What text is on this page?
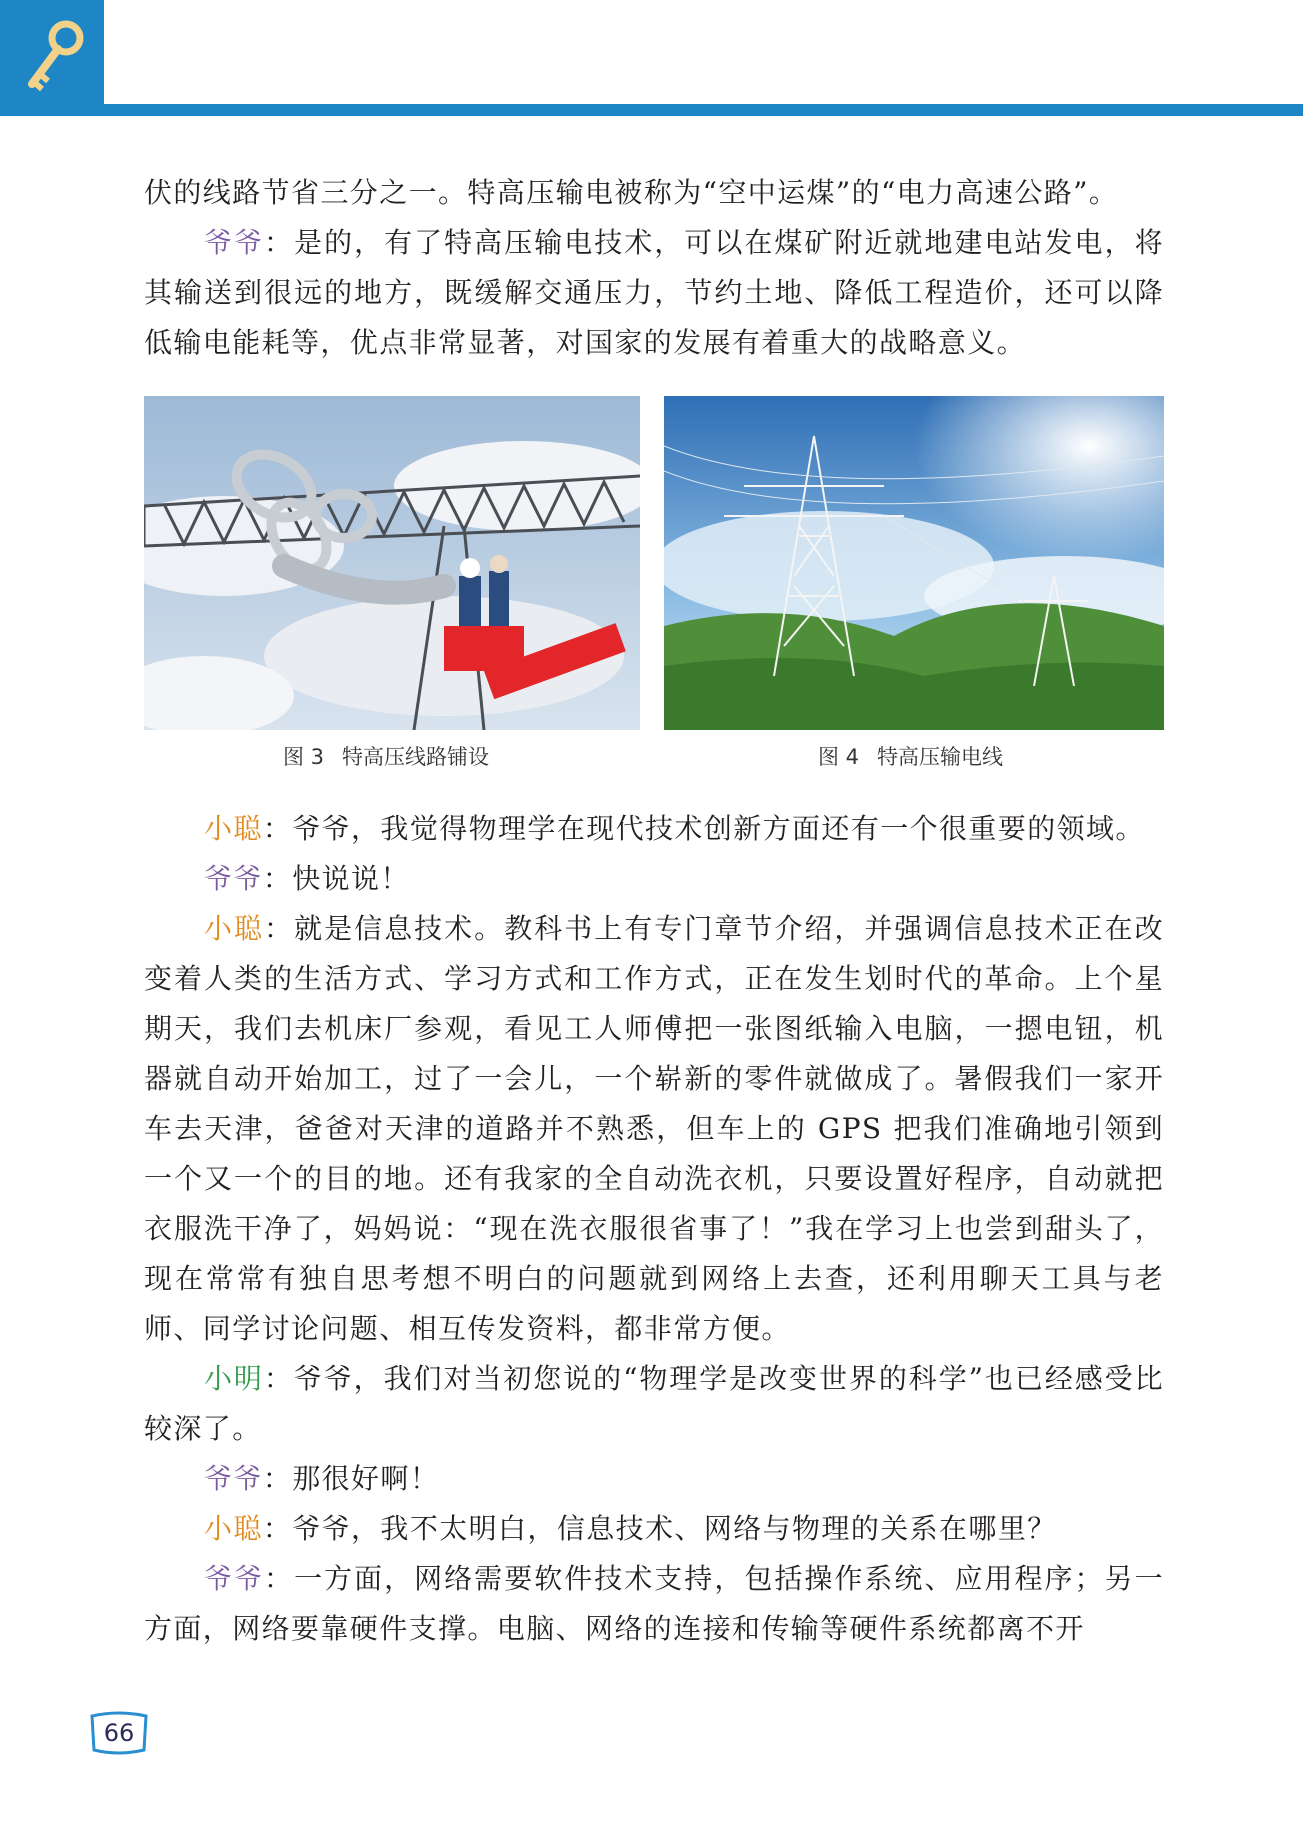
伏的线路节省三分之一。特高压输电被称为“空中运煤”的“电力高速公路”。

爷爷：是的，有了特高压输电技术，可以在煤矿附近就地建电站发电，将其输送到很远的地方，既缓解交通压力，节约土地、降低工程造价，还可以降低输电能耗等，优点非常显著，对国家的发展有着重大的战略意义。

图 3 特高压线路铺设	图 4 特高压输电线

小聪：爷爷，我觉得物理学在现代技术创新方面还有一个很重要的领域。

爷爷：快说说！

小聪：就是信息技术。教科书上有专门章节介绍，并强调信息技术正在改变着人类的生活方式、学习方式和工作方式，正在发生划时代的革命。上个星期天，我们去机床厂参观，看见工人师傅把一张图纸输入电脑，一摁电钮，机器就自动开始加工，过了一会儿，一个崭新的零件就做成了。暑假我们一家开车去天津，爸爸对天津的道路并不熟悉，但车上的 GPS 把我们准确地引领到一个又一个的目的地。还有我家的全自动洗衣机，只要设置好程序，自动就把衣服洗干净了，妈妈说：“现在洗衣服很省事了！”我在学习上也尝到甜头了，现在常常有独自思考想不明白的问题就到网络上去查，还利用聊天工具与老师、同学讨论问题、相互传发资料，都非常方便。

小明：爷爷，我们对当初您说的“物理学是改变世界的科学”也已经感受比较深了。

爷爷：那很好啊！

小聪：爷爷，我不太明白，信息技术、网络与物理的关系在哪里？

爷爷：一方面，网络需要软件技术支持，包括操作系统、应用程序；另一方面，网络要靠硬件支撑。电脑、网络的连接和传输等硬件系统都离不开

66
